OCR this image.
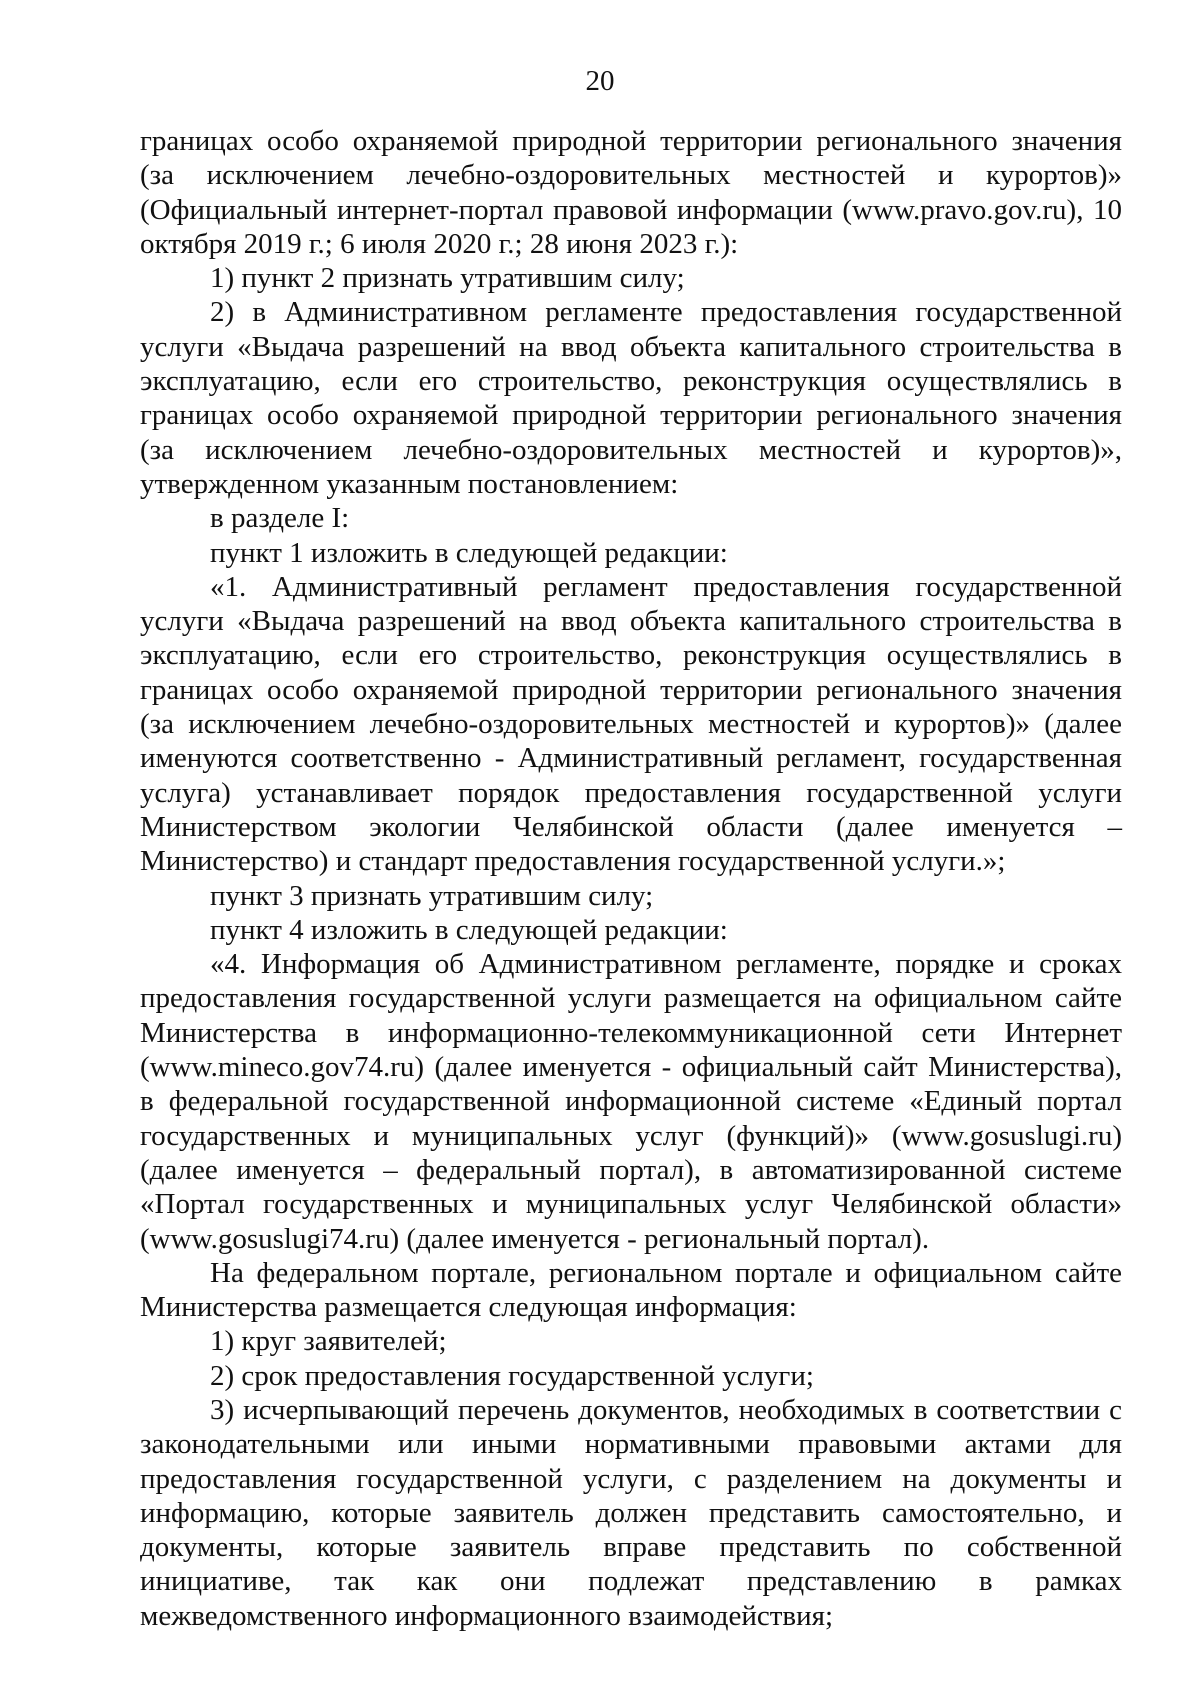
20

границах особо охраняемой природной территории регионального значения (за исключением лечебно-оздоровительных местностей и курортов)» (Официальный интернет-портал правовой информации (www.pravo.gov.ru), 10 октября 2019 г.; 6 июля 2020 г.; 28 июня 2023 г.):

1) пункт 2 признать утратившим силу;

2) в Административном регламенте предоставления государственной услуги «Выдача разрешений на ввод объекта капитального строительства в эксплуатацию, если его строительство, реконструкция осуществлялись в границах особо охраняемой природной территории регионального значения (за исключением лечебно-оздоровительных местностей и курортов)», утвержденном указанным постановлением:

в разделе I:

пункт 1 изложить в следующей редакции:

«1. Административный регламент предоставления государственной услуги «Выдача разрешений на ввод объекта капитального строительства в эксплуатацию, если его строительство, реконструкция осуществлялись в границах особо охраняемой природной территории регионального значения (за исключением лечебно-оздоровительных местностей и курортов)» (далее именуются соответственно - Административный регламент, государственная услуга) устанавливает порядок предоставления государственной услуги Министерством экологии Челябинской области (далее именуется – Министерство) и стандарт предоставления государственной услуги.»;

пункт 3 признать утратившим силу;

пункт 4 изложить в следующей редакции:

«4. Информация об Административном регламенте, порядке и сроках предоставления государственной услуги размещается на официальном сайте Министерства в информационно-телекоммуникационной сети Интернет (www.mineco.gov74.ru) (далее именуется - официальный сайт Министерства), в федеральной государственной информационной системе «Единый портал государственных и муниципальных услуг (функций)» (www.gosuslugi.ru) (далее именуется – федеральный портал), в автоматизированной системе «Портал государственных и муниципальных услуг Челябинской области» (www.gosuslugi74.ru) (далее именуется - региональный портал).

На федеральном портале, региональном портале и официальном сайте Министерства размещается следующая информация:

1) круг заявителей;

2) срок предоставления государственной услуги;

3) исчерпывающий перечень документов, необходимых в соответствии с законодательными или иными нормативными правовыми актами для предоставления государственной услуги, с разделением на документы и информацию, которые заявитель должен представить самостоятельно, и документы, которые заявитель вправе представить по собственной инициативе, так как они подлежат представлению в рамках межведомственного информационного взаимодействия;
